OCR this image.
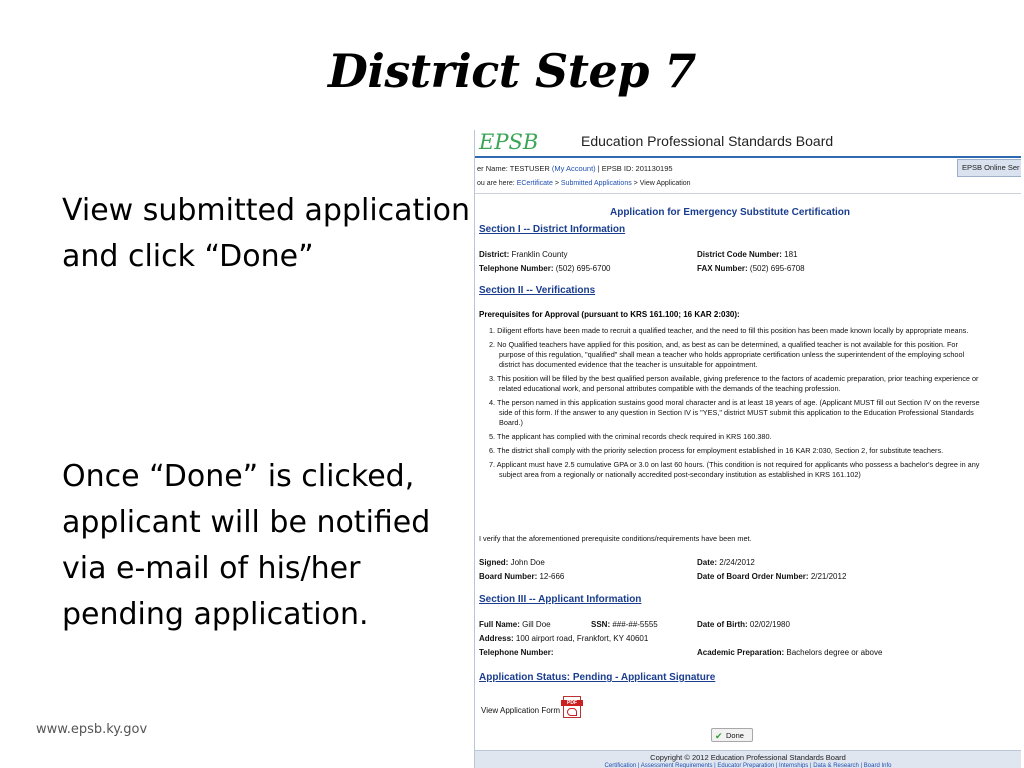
District Step 7
View submitted application and click “Done”
Once “Done” is clicked, applicant will be notified via e-mail of his/her pending application.
www.epsb.ky.gov
EPSB	Education Professional Standards Board
er Name: TESTUSER (My Account) | EPSB ID: 201130195	EPSB Online Ser
ou are here: ECertificate > Submitted Applications > View Application
Application for Emergency Substitute Certification
Section I -- District Information
District: Franklin County	District Code Number: 181
Telephone Number: (502) 695-6700	FAX Number: (502) 695-6708
Section II -- Verifications
Prerequisites for Approval (pursuant to KRS 161.100; 16 KAR 2:030):
1. Diligent efforts have been made to recruit a qualified teacher, and the need to fill this position has been made known locally by appropriate means.
2. No Qualified teachers have applied for this position, and, as best as can be determined, a qualified teacher is not available for this position. For purpose of this regulation, "qualified" shall mean a teacher who holds appropriate certification unless the superintendent of the employing school district has documented evidence that the teacher is unsuitable for appointment.
3. This position will be filled by the best qualified person available, giving preference to the factors of academic preparation, prior teaching experience or related educational work, and personal attributes compatible with the demands of the teaching profession.
4. The person named in this application sustains good moral character and is at least 18 years of age. (Applicant MUST fill out Section IV on the reverse side of this form. If the answer to any question in Section IV is "YES," district MUST submit this application to the Education Professional Standards Board.)
5. The applicant has complied with the criminal records check required in KRS 160.380.
6. The district shall comply with the priority selection process for employment established in 16 KAR 2:030, Section 2, for substitute teachers.
7. Applicant must have 2.5 cumulative GPA or 3.0 on last 60 hours. (This condition is not required for applicants who possess a bachelor's degree in any subject area from a regionally or nationally accredited post-secondary institution as established in KRS 161.102)
I verify that the aforementioned prerequisite conditions/requirements have been met.
Signed: John Doe	Date: 2/24/2012
Board Number: 12-666	Date of Board Order Number: 2/21/2012
Section III -- Applicant Information
Full Name: Gill Doe	SSN: ###-##-5555	Date of Birth: 02/02/1980
Address: 100 airport road, Frankfort, KY 40601
Telephone Number:	Academic Preparation: Bachelors degree or above
Application Status: Pending - Applicant Signature
View Application Form
PDF
✔ Done
Copyright © 2012 Education Professional Standards Board
Certification | Assessment Requirements | Educator Preparation | Internships | Data & Research | Board Info
